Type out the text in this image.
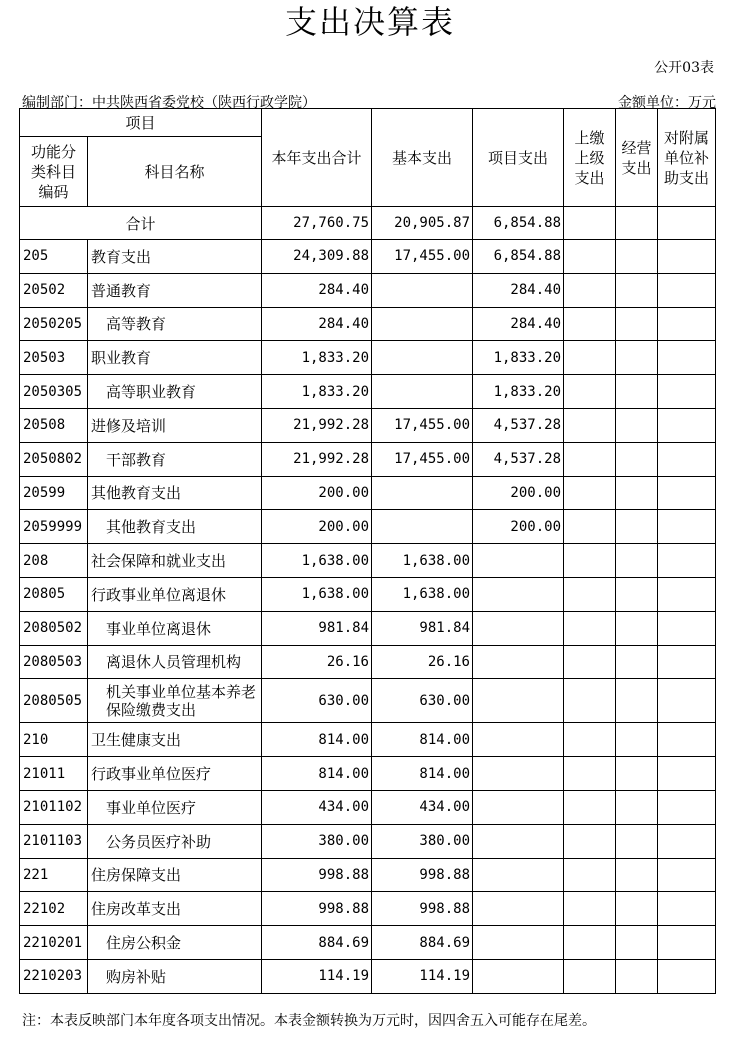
支出决算表
公开03表
编制部门：中共陕西省委党校（陕西行政学院）	金额单位：万元
项目		本年支出合计	基本支出	项目支出	上缴上级支出	经营支出	对附属单位补助支出
功能分类科目编码	科目名称						
合计		27,760.75	20,905.87	6,854.88			
205	教育支出	24,309.88	17,455.00	6,854.88			
20502	普通教育	284.40		284.40			
2050205	高等教育	284.40		284.40			
20503	职业教育	1,833.20		1,833.20			
2050305	高等职业教育	1,833.20		1,833.20			
20508	进修及培训	21,992.28	17,455.00	4,537.28			
2050802	干部教育	21,992.28	17,455.00	4,537.28			
20599	其他教育支出	200.00		200.00			
2059999	其他教育支出	200.00		200.00			
208	社会保障和就业支出	1,638.00	1,638.00				
20805	行政事业单位离退休	1,638.00	1,638.00				
2080502	事业单位离退休	981.84	981.84				
2080503	离退休人员管理机构	26.16	26.16				
2080505	机关事业单位基本养老保险缴费支出	630.00	630.00				
210	卫生健康支出	814.00	814.00				
21011	行政事业单位医疗	814.00	814.00				
2101102	事业单位医疗	434.00	434.00				
2101103	公务员医疗补助	380.00	380.00				
221	住房保障支出	998.88	998.88				
22102	住房改革支出	998.88	998.88				
2210201	住房公积金	884.69	884.69				
2210203	购房补贴	114.19	114.19				
注：本表反映部门本年度各项支出情况。本表金额转换为万元时，因四舍五入可能存在尾差。
